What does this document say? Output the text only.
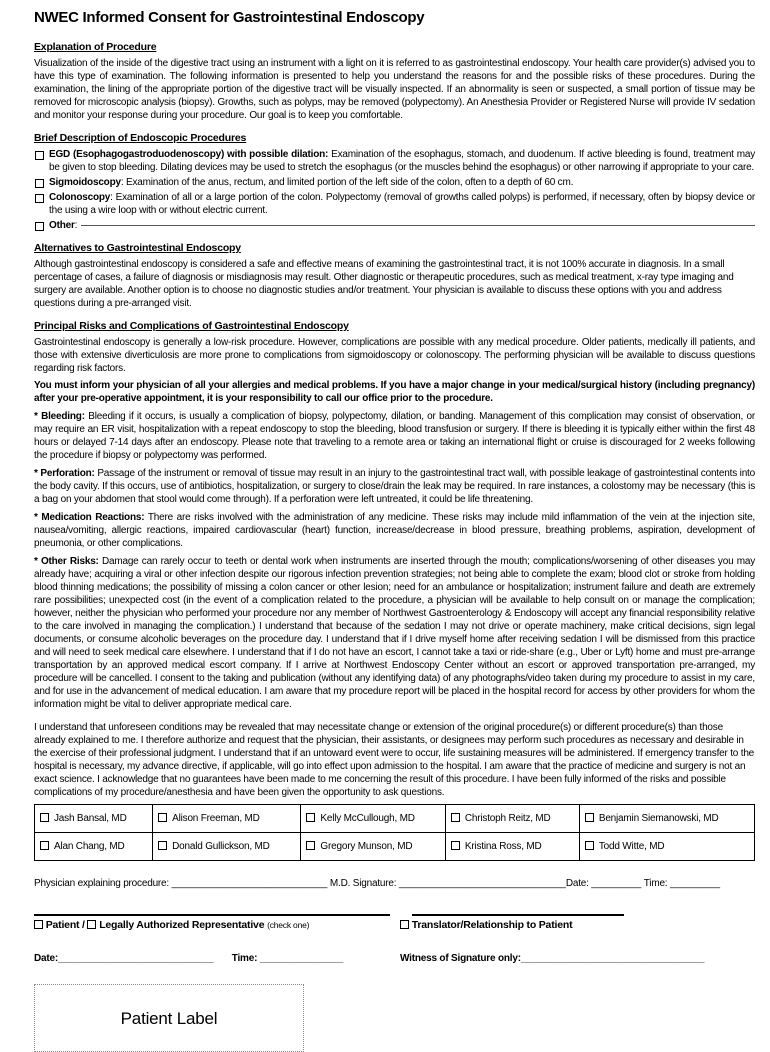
NWEC Informed Consent for Gastrointestinal Endoscopy
Explanation of Procedure

Visualization of the inside of the digestive tract using an instrument with a light on it is referred to as gastrointestinal endoscopy. Your health care provider(s) advised you to have this type of examination. The following information is presented to help you understand the reasons for and the possible risks of these procedures. During the examination, the lining of the appropriate portion of the digestive tract will be visually inspected. If an abnormality is seen or suspected, a small portion of tissue may be removed for microscopic analysis (biopsy). Growths, such as polyps, may be removed (polypectomy). An Anesthesia Provider or Registered Nurse will provide IV sedation and monitor your response during your procedure. Our goal is to keep you comfortable.

Brief Description of Endoscopic Procedures
EGD (Esophagogastroduodenoscopy) with possible dilation: Examination of the esophagus, stomach, and duodenum. If active bleeding is found, treatment may be given to stop bleeding. Dilating devices may be used to stretch the esophagus (or the muscles behind the esophagus) or other narrowing if appropriate to your care.
Sigmoidoscopy: Examination of the anus, rectum, and limited portion of the left side of the colon, often to a depth of 60 cm.
Colonoscopy: Examination of all or a large portion of the colon. Polypectomy (removal of growths called polyps) is performed, if necessary, often by biopsy device or the using a wire loop with or without electric current.
Other:
Alternatives to Gastrointestinal Endoscopy

Although gastrointestinal endoscopy is considered a safe and effective means of examining the gastrointestinal tract, it is not 100% accurate in diagnosis. In a small percentage of cases, a failure of diagnosis or misdiagnosis may result. Other diagnostic or therapeutic procedures, such as medical treatment, x-ray type imaging and surgery are available. Another option is to choose no diagnostic studies and/or treatment. Your physician is available to discuss these options with you and address questions during a pre-arranged visit.

Principal Risks and Complications of Gastrointestinal Endoscopy

Gastrointestinal endoscopy is generally a low-risk procedure. However, complications are possible with any medical procedure. Older patients, medically ill patients, and those with extensive diverticulosis are more prone to complications from sigmoidoscopy or colonoscopy. The performing physician will be available to discuss questions regarding risk factors.

You must inform your physician of all your allergies and medical problems. If you have a major change in your medical/surgical history (including pregnancy) after your pre-operative appointment, it is your responsibility to call our office prior to the procedure.

* Bleeding: Bleeding if it occurs, is usually a complication of biopsy, polypectomy, dilation, or banding. Management of this complication may consist of observation, or may require an ER visit, hospitalization with a repeat endoscopy to stop the bleeding, blood transfusion or surgery. If there is bleeding it is typically either within the first 48 hours or delayed 7-14 days after an endoscopy. Please note that traveling to a remote area or taking an international flight or cruise is discouraged for 2 weeks following the procedure if biopsy or polypectomy was performed.

* Perforation: Passage of the instrument or removal of tissue may result in an injury to the gastrointestinal tract wall, with possible leakage of gastrointestinal contents into the body cavity. If this occurs, use of antibiotics, hospitalization, or surgery to close/drain the leak may be required. In rare instances, a colostomy may be necessary (this is a bag on your abdomen that stool would come through). If a perforation were left untreated, it could be life threatening.

* Medication Reactions: There are risks involved with the administration of any medicine. These risks may include mild inflammation of the vein at the injection site, nausea/vomiting, allergic reactions, impaired cardiovascular (heart) function, increase/decrease in blood pressure, breathing problems, aspiration, development of pneumonia, or other complications.

* Other Risks: Damage can rarely occur to teeth or dental work when instruments are inserted through the mouth; complications/worsening of other diseases you may already have; acquiring a viral or other infection despite our rigorous infection prevention strategies; not being able to complete the exam; blood clot or stroke from holding blood thinning medications; the possibility of missing a colon cancer or other lesion; need for an ambulance or hospitalization; instrument failure and death are extremely rare possibilities; unexpected cost (in the event of a complication related to the procedure, a physician will be available to help consult on or manage the complication; however, neither the physician who performed your procedure nor any member of Northwest Gastroenterology & Endoscopy will accept any financial responsibility relative to the care involved in managing the complication.) I understand that because of the sedation I may not drive or operate machinery, make critical decisions, sign legal documents, or consume alcoholic beverages on the procedure day. I understand that if I drive myself home after receiving sedation I will be dismissed from this practice and will need to seek medical care elsewhere. I understand that if I do not have an escort, I cannot take a taxi or ride-share (e.g., Uber or Lyft) home and must pre-arrange transportation by an approved medical escort company. If I arrive at Northwest Endoscopy Center without an escort or approved transportation pre-arranged, my procedure will be cancelled. I consent to the taking and publication (without any identifying data) of any photographs/video taken during my procedure to assist in my care, and for use in the advancement of medical education. I am aware that my procedure report will be placed in the hospital record for access by other providers for whom the information might be vital to deliver appropriate medical care.

I understand that unforeseen conditions may be revealed that may necessitate change or extension of the original procedure(s) or different procedure(s) than those already explained to me. I therefore authorize and request that the physician, their assistants, or designees may perform such procedures as necessary and desirable in the exercise of their professional judgment. I understand that if an untoward event were to occur, life sustaining measures will be administered. If emergency transfer to the hospital is necessary, my advance directive, if applicable, will go into effect upon admission to the hospital. I am aware that the practice of medicine and surgery is not an exact science. I acknowledge that no guarantees have been made to me concerning the result of this procedure. I have been fully informed of the risks and possible complications of my procedure/anesthesia and have been given the opportunity to ask questions.

Jash Bansal, MD	Alison Freeman, MD	Kelly McCullough, MD	Christoph Reitz, MD	Benjamin Siemanowski, MD
Alan Chang, MD	Donald Gullickson, MD	Gregory Munson, MD	Kristina Ross, MD	Todd Witte, MD
Physician explaining procedure: ____________________________ M.D. Signature: ______________________________Date: _________ Time: _________
Patient /  Legally Authorized Representative (check one)	Translator/Relationship to Patient
Date:____________________________ Time: _______________	Witness of Signature only:_________________________________
Patient Label
